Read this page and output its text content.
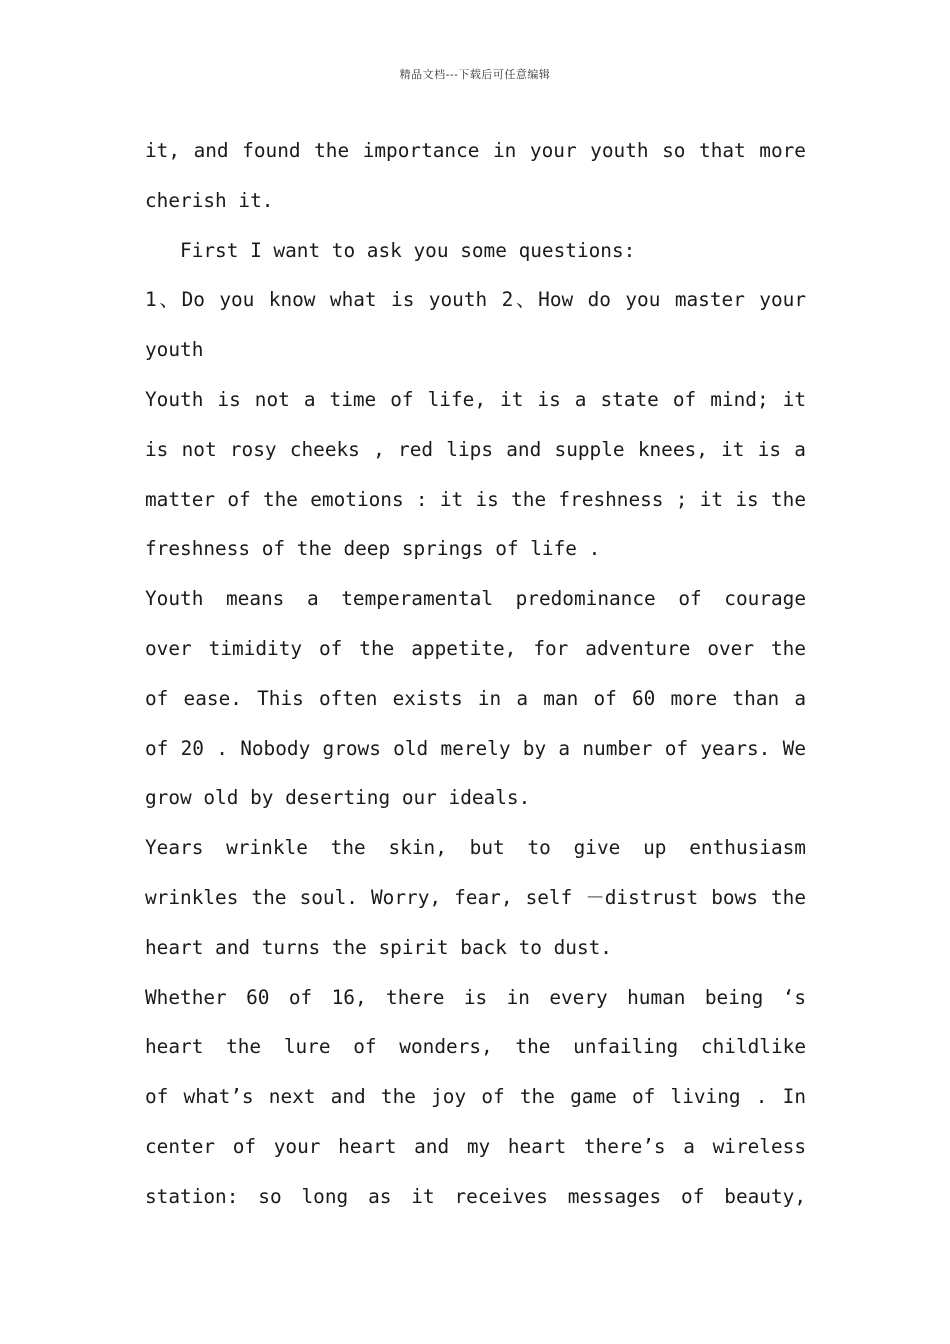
精品文档---下载后可任意编辑
it, and found the importance in your youth so that more
cherish it.
First I want to ask you some questions:
1、Do you know what is youth 2、How do you master your
youth
Youth is not a time of life, it is a state of mind; it
is not rosy cheeks , red lips and supple knees, it is a
matter of the emotions : it is the freshness ; it is the
freshness of the deep springs of life .
Youth means a temperamental predominance of courage
over timidity of the appetite, for adventure over the
of ease. This often exists in a man of 60 more than a
of 20 . Nobody grows old merely by a number of years. We
grow old by deserting our ideals.
Years wrinkle the skin, but to give up enthusiasm
wrinkles the soul. Worry, fear, self －distrust bows the
heart and turns the spirit back to dust.
Whether 60 of 16, there is in every human being ‘s
heart the lure of wonders, the unfailing childlike
of what’s next and the joy of the game of living . In
center of your heart and my heart there’s a wireless
station: so long as it receives messages of beauty,
